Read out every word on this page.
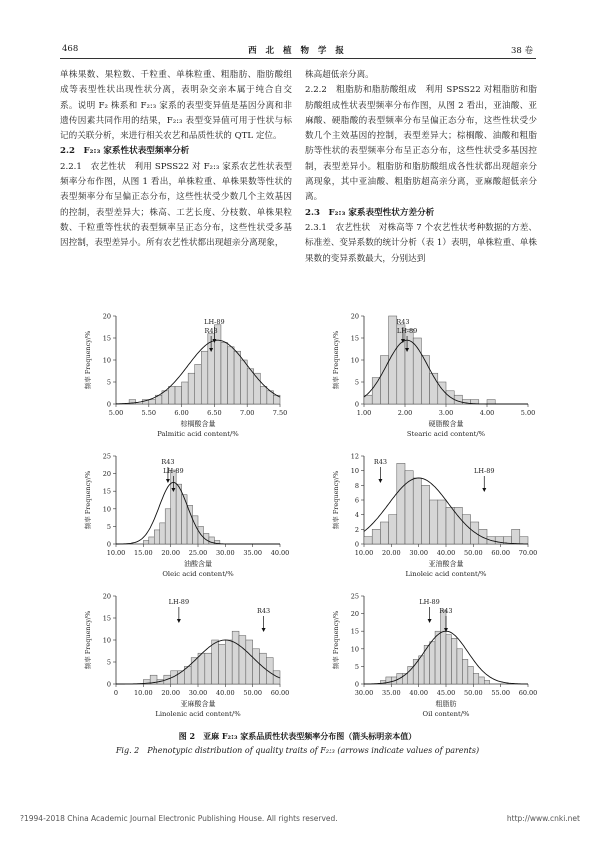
468	西 北 植 物 学 报	38 卷

单株果数、果粒数、千粒重、单株粒重、粗脂肪、脂肪酸组成等表型性状出现性状分离，表明杂交亲本属于纯合自交系。说明 F₂ 株系和 F₂:₃ 家系的表型变异值是基因分离和非遗传因素共同作用的结果，F₂:₃ 表型变异值可用于性状与标记的关联分析，来进行相关农艺和品质性状的 QTL 定位。

2.2　F₂:₃ 家系性状表型频率分析

2.2.1　农艺性状　利用 SPSS22 对 F₂:₃ 家系农艺性状表型频率分布作图，从图 1 看出，单株粒重、单株果数等性状的表型频率分布呈偏正态分布，这些性状受少数几个主效基因的控制，表型差异大；株高、工艺长度、分枝数、单株果粒数、千粒重等性状的表型频率呈正态分布，这些性状受多基因控制，表型差异小。所有农艺性状都出现超亲分离现象，

株高超低亲分离。

2.2.2　粗脂肪和脂肪酸组成　利用 SPSS22 对粗脂肪和脂肪酸组成性状表型频率分布作图，从图 2 看出，亚油酸、亚麻酸、硬脂酸的表型频率分布呈偏正态分布，这些性状受少数几个主效基因的控制，表型差异大；棕榈酸、油酸和粗脂肪等性状的表型频率分布呈正态分布，这些性状受多基因控制，表型差异小。粗脂肪和脂肪酸组成各性状都出现超亲分离现象，其中亚油酸、粗脂肪超高亲分离，亚麻酸超低亲分离。

2.3　F₂:₃ 家系表型性状方差分析

2.3.1　农艺性状　对株高等 7 个农艺性状考种数据的方差、标准差、变异系数的统计分析（表 1）表明，单株粒重、单株果数的变异系数最大，分别达到

0
5
10
15
20
5.00	5.50	6.00	6.50	7.00	7.50
LH-89
R43
频率 Frequency/%
棕榈酸含量
Palmitic acid content/%
0
5
10
15
20
1.00	2.00	3.00	4.00	5.00
R43
LH-89
频率 Frequency/%
硬脂酸含量
Stearic acid content/%
0
5
10
15
20
25
10.00 15.00 20.00 25.00 30.00 35.00 40.00
R43
LH-89
频率 Frequency/%
油酸含量
Oleic acid content/%
0
2
4
6
8
10
12
10.00 20.00 30.00 40.00 50.00 60.00 70.00
R43
LH-89
频率 Frequency/%
亚油酸含量
Linoleic acid content/%
0
5
10
15
20
0 10.00 20.00 30.00 40.00 50.00 60.00
LH-89
R43
频率 Frequency/%
亚麻酸含量
Linolenic acid content/%
0
5
10
15
20
25
30.00 35.00 40.00 45.00 50.00 55.00 60.00
LH-89
R43
频率 Frequency/%
粗脂肪
Oil content/%
图 2　亚麻 F₂:₃ 家系品质性状表型频率分布图（箭头标明亲本值）
Fig. 2　Phenotypic distribution of quality traits of F₂:₃ (arrows indicate values of parents)
?1994-2018 China Academic Journal Electronic Publishing House. All rights reserved.	http://www.cnki.net
